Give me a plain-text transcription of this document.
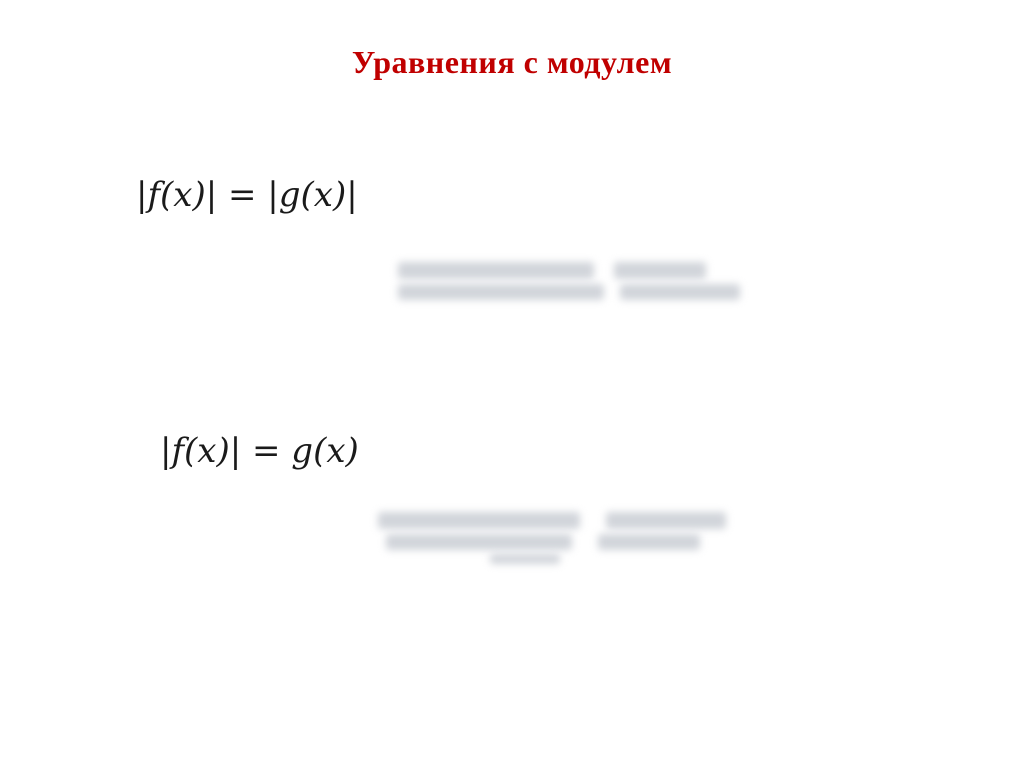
Уравнения с модулем
|f(x)| = |g(x)|
|f(x)| = g(x)
